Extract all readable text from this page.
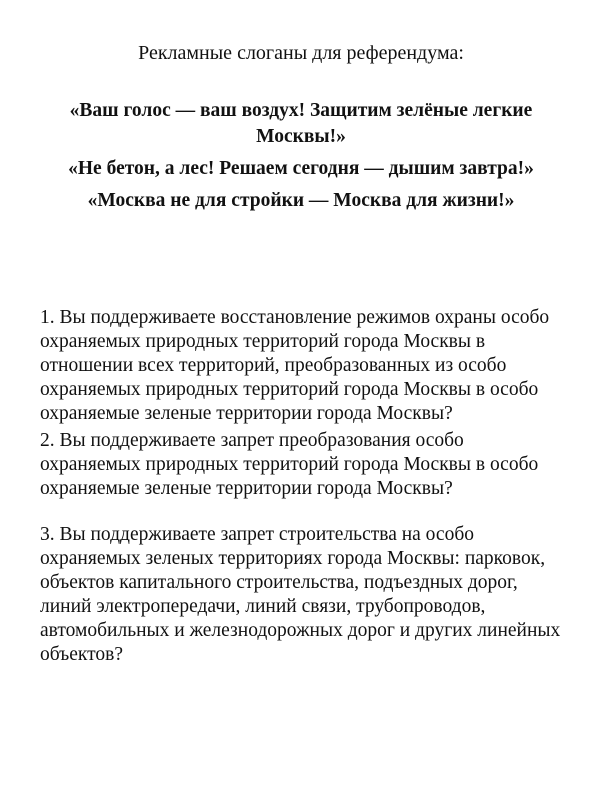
Рекламные слоганы для референдума:

«Ваш голос — ваш воздух! Защитим зелёные легкие Москвы!»

«Не бетон, а лес! Решаем сегодня — дышим завтра!»

«Москва не для стройки — Москва для жизни!»

1. Вы поддерживаете восстановление режимов охраны особо охраняемых природных территорий города Москвы в отношении всех территорий, преобразованных из особо охраняемых природных территорий города Москвы в особо охраняемые зеленые территории города Москвы?

2. Вы поддерживаете запрет преобразования особо охраняемых природных территорий города Москвы в особо охраняемые зеленые территории города Москвы?

3. Вы поддерживаете запрет строительства на особо охраняемых зеленых территориях города Москвы: парковок, объектов капитального строительства, подъездных дорог, линий электропередачи, линий связи, трубопроводов, автомобильных и железнодорожных дорог и других линейных объектов?
